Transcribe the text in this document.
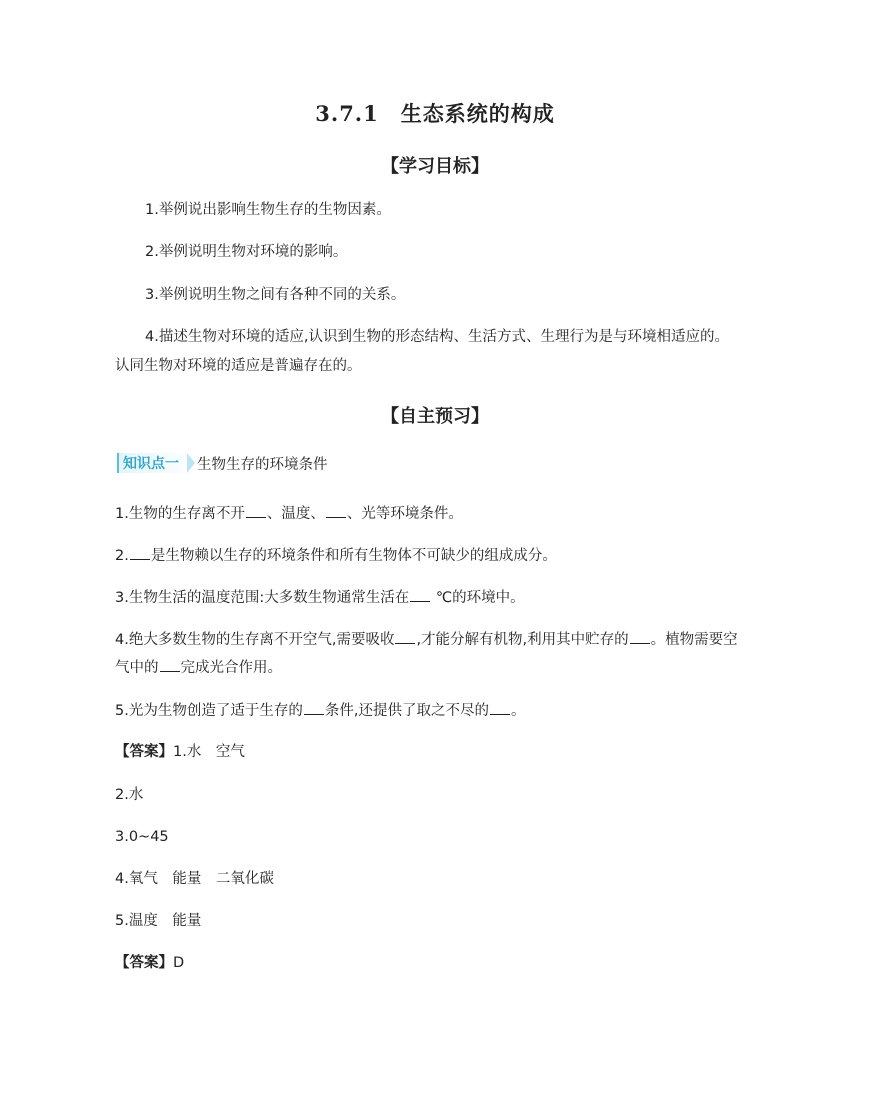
3.7.1　生态系统的构成
【学习目标】
1.举例说出影响生物生存的生物因素。
2.举例说明生物对环境的影响。
3.举例说明生物之间有各种不同的关系。
4.描述生物对环境的适应,认识到生物的形态结构、生活方式、生理行为是与环境相适应的。
认同生物对环境的适应是普遍存在的。
【自主预习】
知识点一	生物生存的环境条件
1.生物的生存离不开 、温度、 、光等环境条件。
2. 是生物赖以生存的环境条件和所有生物体不可缺少的组成成分。
3.生物生活的温度范围:大多数生物通常生活在 ℃的环境中。
4.绝大多数生物的生存离不开空气,需要吸收 ,才能分解有机物,利用其中贮存的 。植物需要空
气中的 完成光合作用。
5.光为生物创造了适于生存的 条件,还提供了取之不尽的 。
【答案】1.水　空气
2.水
3.0~45
4.氧气　能量　二氧化碳
5.温度　能量
【答案】D
